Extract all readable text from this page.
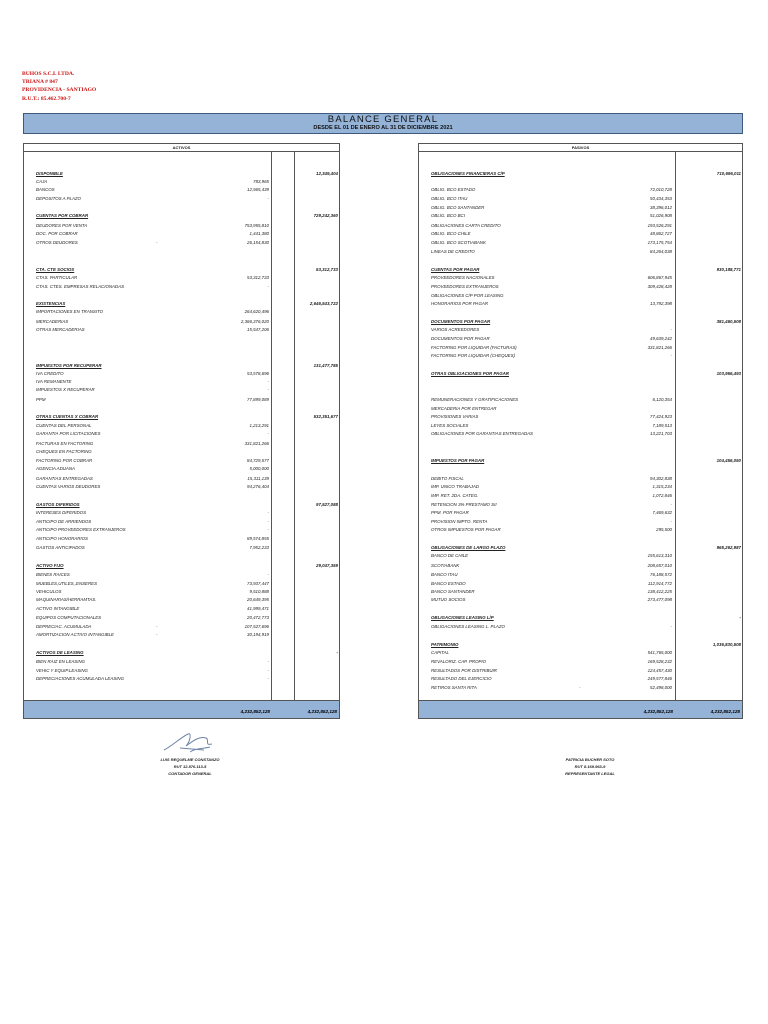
BUHOS S.C.I. LTDA.
TRIANA # 847
PROVIDENCIA - SANTIAGO
R.U.T.: 85.462.700-7
BALANCE GENERAL
DESDE EL 01 DE ENERO AL 31 DE DICIEMBRE 2021
ACTIVOS
4,232,852,128	4,232,852,128
DISPONIBLE	12,349,404
CAJA	783,965
BANCOS	12,565,439
DEPOSITOS A PLAZO	-
CUENTAS POR COBRAR	729,242,360
DEUDORES POR VENTA	753,955,810
DOC. POR COBRAR	1,441,380
OTROS DEUDORES	-	26,154,830
CTA. CTE SOCIOS	53,312,733
CTAS. PARTICULAR	53,312,733
CTAS. CTES. EMPRESAS RELACIONADAS	-
EXISTENCIAS	2,646,543,722
IMPORTACIONES EN TRANSITO	264,620,496
MERCADERIAS	2,366,376,020
OTRAS MERCADERIAS	15,547,206
IMPUESTOS POR RECUPERAR	131,477,785
IVA CREDITO	53,578,696
IVA REMANENTE	-
IMPUESTOS X RECUPERAR	-
PPM	77,899,089
OTRAS CUENTAS X COBRAR	532,351,677
CUENTAS DEL PERSONAL	1,213,291
GARANTIA POR LICITACIONES	-
FACTURAS EN FACTORING	331,821,266
CHEQUES EN FACTORING
FACTORING POR COBRAR	84,729,577
AGENCIA ADUANA	5,000,000
GARANTIAS ENTREGADAS	15,311,139
CUENTAS VARIOS DEUDORES	94,276,404
GASTOS DIFERIDOS	97,527,088
INTERESES DIFERIDOS	-
ANTICIPO DE ARRIENDOS	-
ANTICIPO PROVEEDORES EXTRANJEROS	-
ANTICIPO HONORARIOS	89,574,855
GASTOS ANTICIPADOS	7,952,233
ACTIVO FIJO	29,047,359
BIENES RAICES	-
MUEBLES,UTILES,,ENSERES	73,937,447
VEHICULOS	9,510,888
MAQUINARIAS/HERRAMTAS.	20,649,395
ACTIVO INTANGIBLE	41,999,471
EQUIPOS COMPUTACIONALES	20,472,773
DEPRECIAC. ACUMULADA	-	107,527,696
AMORTIZACION ACTIVO INTANGIBLE	-	30,194,919
ACTIVOS DE LEASING	-
BIEN RAIZ EN LEASING	-
VEHIC Y EQUIP.LEASING	-
DEPRECIACIONES ACUMULADA LEASING	-
PASIVOS
4,232,852,128	4,232,852,128
OBLIGACIONES FINANCIERAS C/P	710,696,011
OBLIG. BCO ESTADO	72,010,728
OBLIG. BCO ITAU	50,434,353
OBLIG. BCO SANTANDER	38,396,012
OBLIG. BCO BCI	51,026,908
OBLIGACIONES CARTA CREDITO	193,526,291
OBLIG. BCO CHILE	48,862,727
OBLIG. BCO SCOTIABANK	173,175,754
LINEAS DE CREDITO	84,264,038
CUENTAS POR PAGAR	930,188,771
PROVEEDORES NACIONALES	606,867,945
PROVEEDORES EXTRANJEROS	309,428,428
OBLIGACIONES C/P POR LEASING
HONORARIOS POR PAGAR	13,792,398
DOCUMENTOS POR PAGAR	381,460,508
VARIOS ACREEDORES	-
DOCUMENTOS POR PAGAR	49,639,242
FACTORING POR LIQUIDAR (FACTURAS)	331,821,266
FACTORING POR LIQUIDAR (CHEQUES)	-
OTRAS OBLIGACIONES POR PAGAR	103,956,493
REMUNERACIONES Y GRATIFICACIONES	6,120,354
MERCADERIA POR ENTREGAR
PROVISIONES VARIAS	77,424,923
LEYES SOCIALES	7,189,513
OBLIGACIONES POR GARANTIAS ENTREGADAS	13,221,703
IMPUESTOS POR PAGAR	104,456,050
DEBITO FISCAL	94,302,838
IMP. UNICO TRABAJAD	1,315,234
IMP. RET. 2DA. CATEG.	1,072,846
RETENCION 3% PRESTAMO SII	-
PPM. POR PAGAR	7,469,632
PROVISION IMPTO. RENTA	-
OTROS IMPUESTOS POR PAGAR	295,500
OBLIGACIONES DE LARGO PLAZO	965,262,987
BANCO DE CHILE	155,613,310
SCOTIABANK	208,657,010
BANCO ITAU	76,188,572
BANCO ESTADO	112,914,772
BANCO SANTANDER	138,412,225
MUTUO SOCIOS	273,477,098
OBLIGACIONES LEASING L/P	-
OBLIGACIONES LEASING L. PLAZO	-
PATRIMONIO	1,036,830,508
CAPITAL	541,765,000
REVALORIZ. CAP. PROPIO	169,528,232
RESULTADOS POR DISTRIBUIR	124,457,430
RESULTADO DEL EJERCICIO	249,577,846
RETIROS SANTA RITA	-	52,498,000
LUIS REQUELME CONSTANZO
RUT 12.876.113-5
CONTADOR GENERAL
PATRICIA BUCHER SOTO
RUT 8.169.963-9
REPRESENTANTE LEGAL
